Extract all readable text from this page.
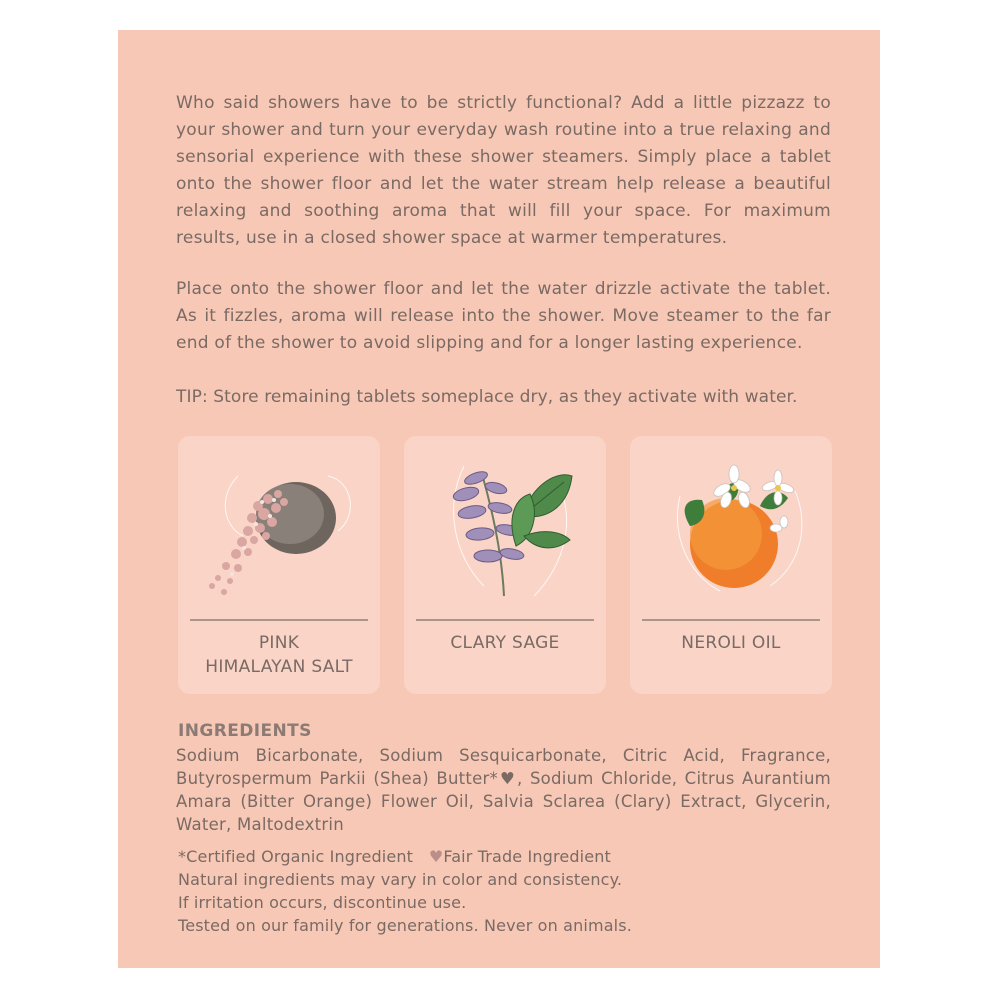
Who said showers have to be strictly functional? Add a little pizzazz to your shower and turn your everyday wash routine into a true relaxing and sensorial experience with these shower steamers. Simply place a tablet onto the shower floor and let the water stream help release a beautiful relaxing and soothing aroma that will fill your space. For maximum results, use in a closed shower space at warmer temperatures.

Place onto the shower floor and let the water drizzle activate the tablet. As it fizzles, aroma will release into the shower. Move steamer to the far end of the shower to avoid slipping and for a longer lasting experience.

TIP: Store remaining tablets someplace dry, as they activate with water.

PINK
HIMALAYAN SALT
CLARY SAGE	NEROLI OIL
INGREDIENTS

Sodium Bicarbonate, Sodium Sesquicarbonate, Citric Acid, Fragrance, Butyrospermum Parkii (Shea) Butter*♥, Sodium Chloride, Citrus Aurantium Amara (Bitter Orange) Flower Oil, Salvia Sclarea (Clary) Extract, Glycerin, Water, Maltodextrin

*Certified Organic Ingredient ♥Fair Trade Ingredient
Natural ingredients may vary in color and consistency.
If irritation occurs, discontinue use.
Tested on our family for generations. Never on animals.
